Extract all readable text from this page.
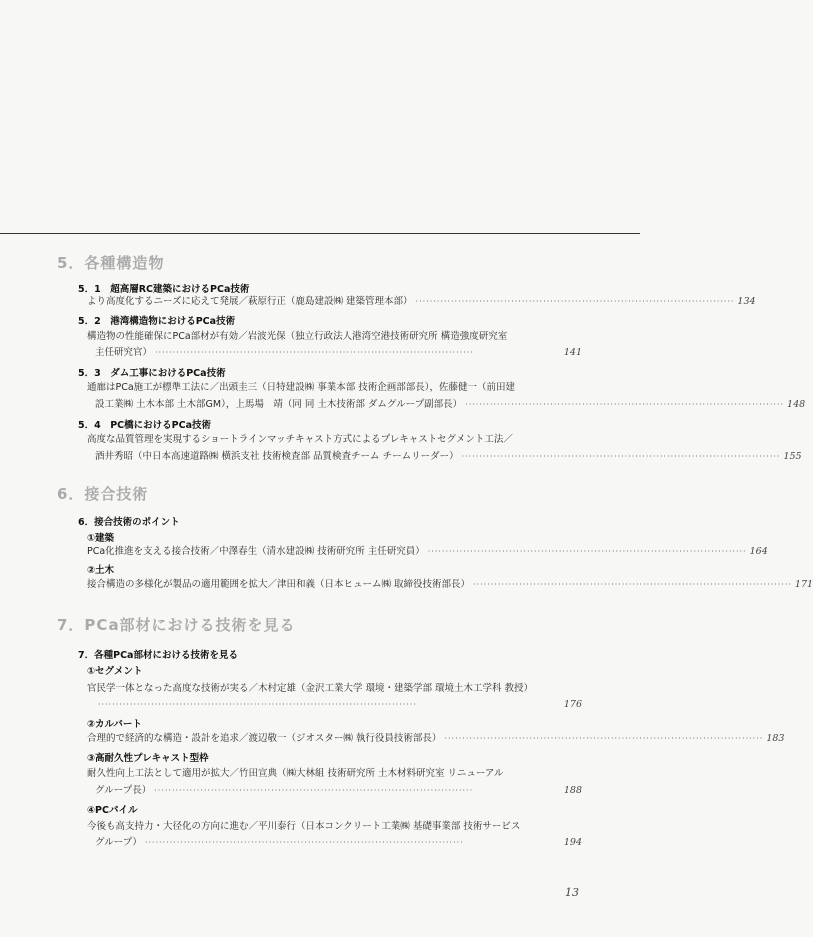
5．各種構造物
5．1　超高層RC建築におけるPCa技術
より高度化するニーズに応えて発展／萩原行正（鹿島建設㈱ 建築管理本部） ·························································································· 134
5．2　港湾構造物におけるPCa技術
構造物の性能確保にPCa部材が有効／岩波光保（独立行政法人港湾空港技術研究所 構造強度研究室
主任研究官） ··························································································	141
5．3　ダム工事におけるPCa技術
通廊はPCa施工が標準工法に／出頭圭三（日特建設㈱ 事業本部 技術企画部部長），佐藤健一（前田建
設工業㈱ 土木本部 土木部GM），上馬場　靖（同 同 土木技術部 ダムグループ副部長） ·························································································· 148
5．4　PC橋におけるPCa技術
高度な品質管理を実現するショートラインマッチキャスト方式によるプレキャストセグメント工法／
酒井秀昭（中日本高速道路㈱ 横浜支社 技術検査部 品質検査チーム チームリーダー） ·························································································· 155
6．接合技術
6．接合技術のポイント
①建築
PCa化推進を支える接合技術／中澤春生（清水建設㈱ 技術研究所 主任研究員） ·························································································· 164
②土木
接合構造の多様化が製品の適用範囲を拡大／津田和義（日本ヒューム㈱ 取締役技術部長） ·························································································· 171
7．PCa部材における技術を見る
7．各種PCa部材における技術を見る
①セグメント
官民学一体となった高度な技術が実る／木村定雄（金沢工業大学 環境・建築学部 環境土木工学科 教授）
··························································································	176
②カルバート
合理的で経済的な構造・設計を追求／渡辺敬一（ジオスター㈱ 執行役員技術部長） ·························································································· 183
③高耐久性プレキャスト型枠
耐久性向上工法として適用が拡大／竹田宣典（㈱大林組 技術研究所 土木材料研究室 リニューアル
グループ長） ··························································································	188
④PCパイル
今後も高支持力・大径化の方向に進む／平川泰行（日本コンクリート工業㈱ 基礎事業部 技術サービス
グループ） ··························································································	194
13
